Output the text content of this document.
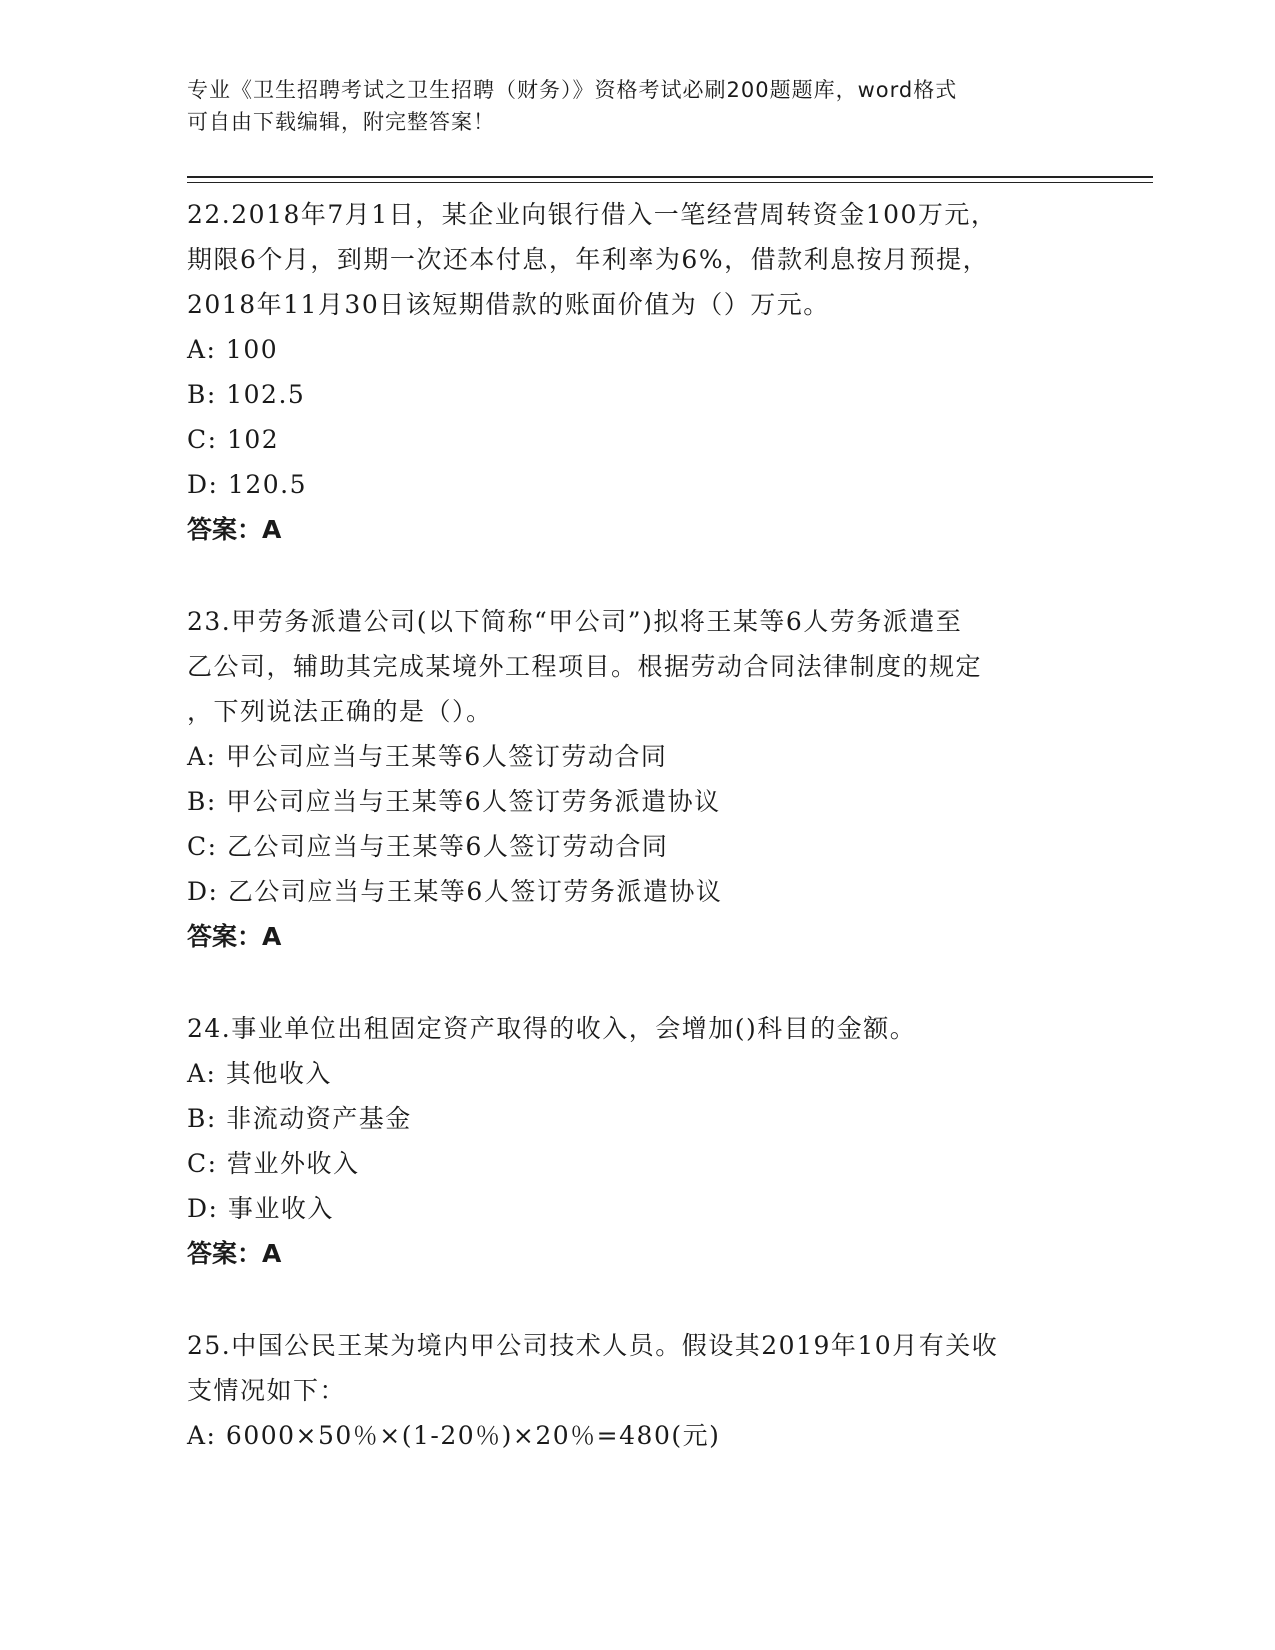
专业《卫生招聘考试之卫生招聘（财务）》资格考试必刷200题题库，word格式
可自由下载编辑，附完整答案！

22.2018年7月1日，某企业向银行借入一笔经营周转资金100万元，

期限6个月，到期一次还本付息，年利率为6%，借款利息按月预提，

2018年11月30日该短期借款的账面价值为（）万元。

A: 100

B: 102.5

C: 102

D: 120.5

答案：A

23.甲劳务派遣公司(以下简称“甲公司”)拟将王某等6人劳务派遣至

乙公司，辅助其完成某境外工程项目。根据劳动合同法律制度的规定

，下列说法正确的是（）。

A: 甲公司应当与王某等6人签订劳动合同

B: 甲公司应当与王某等6人签订劳务派遣协议

C: 乙公司应当与王某等6人签订劳动合同

D: 乙公司应当与王某等6人签订劳务派遣协议

答案：A

24.事业单位出租固定资产取得的收入，会增加()科目的金额。

A: 其他收入

B: 非流动资产基金

C: 营业外收入

D: 事业收入

答案：A

25.中国公民王某为境内甲公司技术人员。假设其2019年10月有关收

支情况如下：

A: 6000×50％×(1-20％)×20％=480(元)
